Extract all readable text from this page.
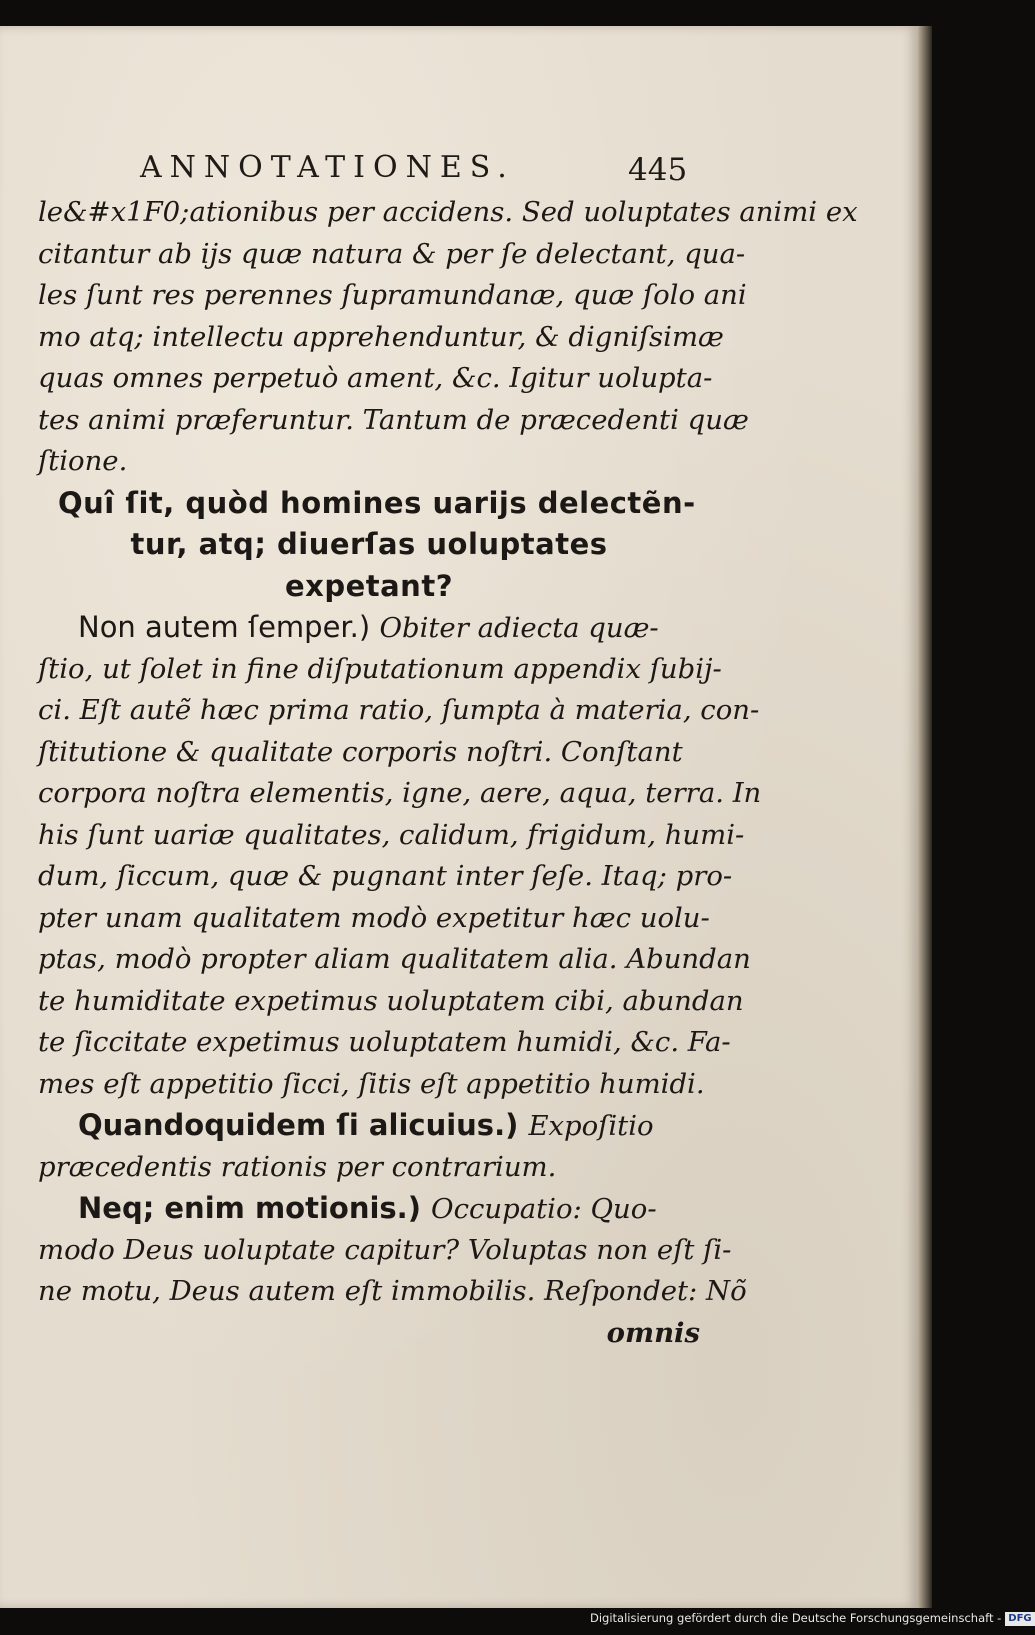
ANNOTATIONES.	445
le&#x1F0;ationibus per accidens. Sed uoluptates animi ex
citantur ab ijs quæ natura & per ſe delectant, qua-
les ſunt res perennes ſupramundanæ, quæ ſolo ani
mo atq; intellectu apprehenduntur, & digniſsimæ
quas omnes perpetuò ament, &c. Igitur uolupta-
tes animi præferuntur. Tantum de præcedenti quæ
ſtione.
Quî ſit, quòd homines uarijs delectẽn-
tur, atq; diuerſas uoluptates
expetant?
Non autem ſemper.) Obiter adiecta quæ-
ſtio, ut ſolet in fine diſputationum appendix ſubij-
ci. Eſt autẽ hæc prima ratio, ſumpta à materia, con-
ſtitutione & qualitate corporis noſtri. Conſtant
corpora noſtra elementis, igne, aere, aqua, terra. In
his ſunt uariæ qualitates, calidum, frigidum, humi-
dum, ſiccum, quæ & pugnant inter ſeſe. Itaq; pro-
pter unam qualitatem modò expetitur hæc uolu-
ptas, modò propter aliam qualitatem alia. Abundan
te humiditate expetimus uoluptatem cibi, abundan
te ſiccitate expetimus uoluptatem humidi, &c. Fa-
mes eſt appetitio ſicci, ſitis eſt appetitio humidi.
Quandoquidem ſi alicuius.) Expoſitio
præcedentis rationis per contrarium.
Neq; enim motionis.) Occupatio: Quo-
modo Deus uoluptate capitur? Voluptas non eſt ſi-
ne motu, Deus autem eſt immobilis. Reſpondet: Nõ
omnis
Digitalisierung gefördert durch die Deutsche Forschungsgemeinschaft - DFG
